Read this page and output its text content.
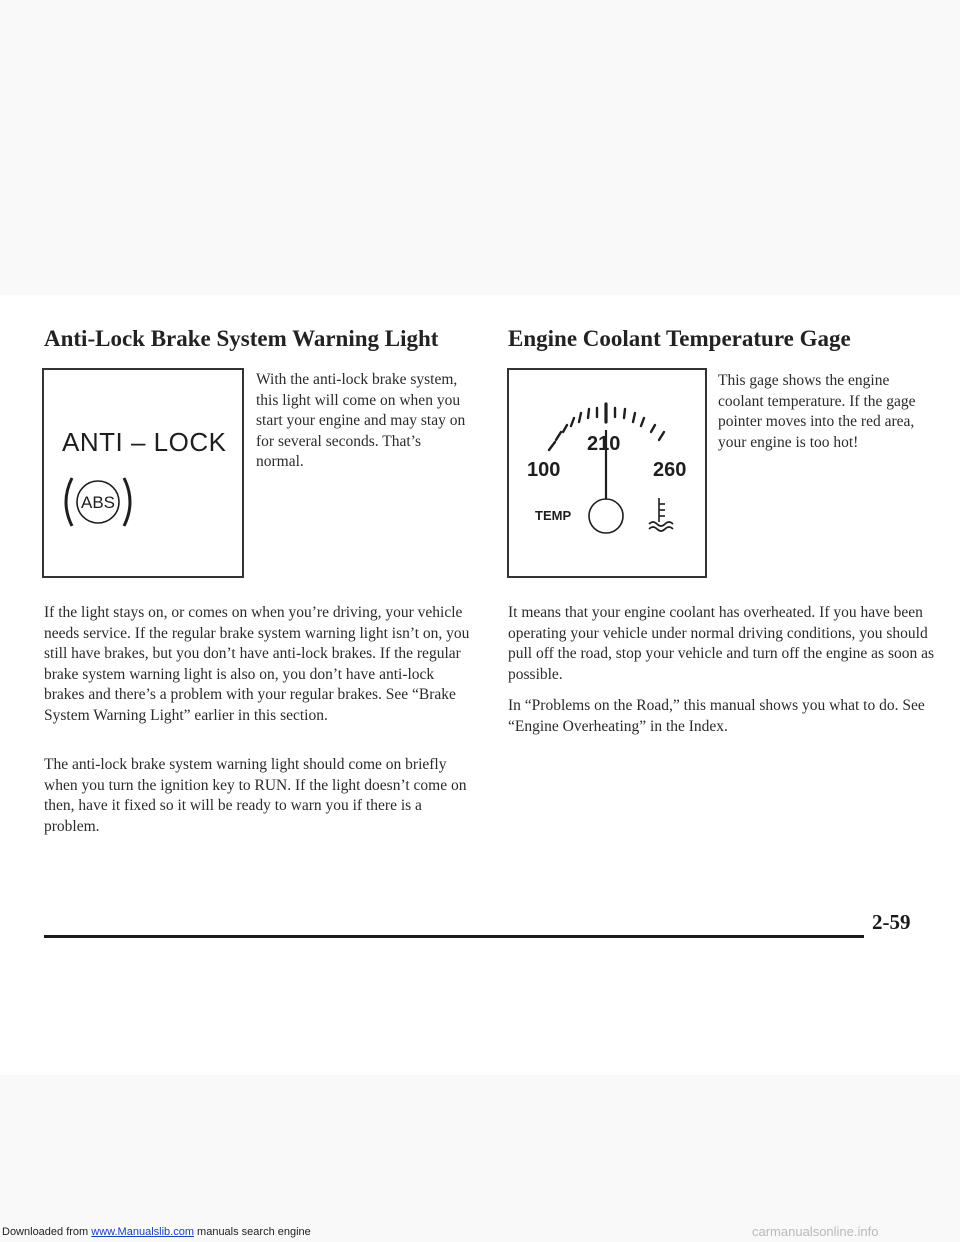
Anti-Lock Brake System Warning Light	Engine Coolant Temperature Gage
ANTI – LOCK
ABS

With the anti-lock brake system, this light will come on when you start your engine and may stay on for several seconds. That’s normal.	100
210
260
TEMP

This gage shows the engine coolant temperature. If the gage pointer moves into the red area, your engine is too hot!

If the light stays on, or comes on when you’re driving, your vehicle needs service. If the regular brake system warning light isn’t on, you still have brakes, but you don’t have anti-lock brakes. If the regular brake system warning light is also on, you don’t have anti-lock brakes and there’s a problem with your regular brakes. See “Brake System Warning Light” earlier in this section.

The anti-lock brake system warning light should come on briefly when you turn the ignition key to RUN. If the light doesn’t come on then, have it fixed so it will be ready to warn you if there is a problem.

It means that your engine coolant has overheated. If you have been operating your vehicle under normal driving conditions, you should pull off the road, stop your vehicle and turn off the engine as soon as possible.

In “Problems on the Road,” this manual shows you what to do. See “Engine Overheating” in the Index.

2-59
Downloaded from www.Manualslib.com manuals search engine	carmanualsonline.info
